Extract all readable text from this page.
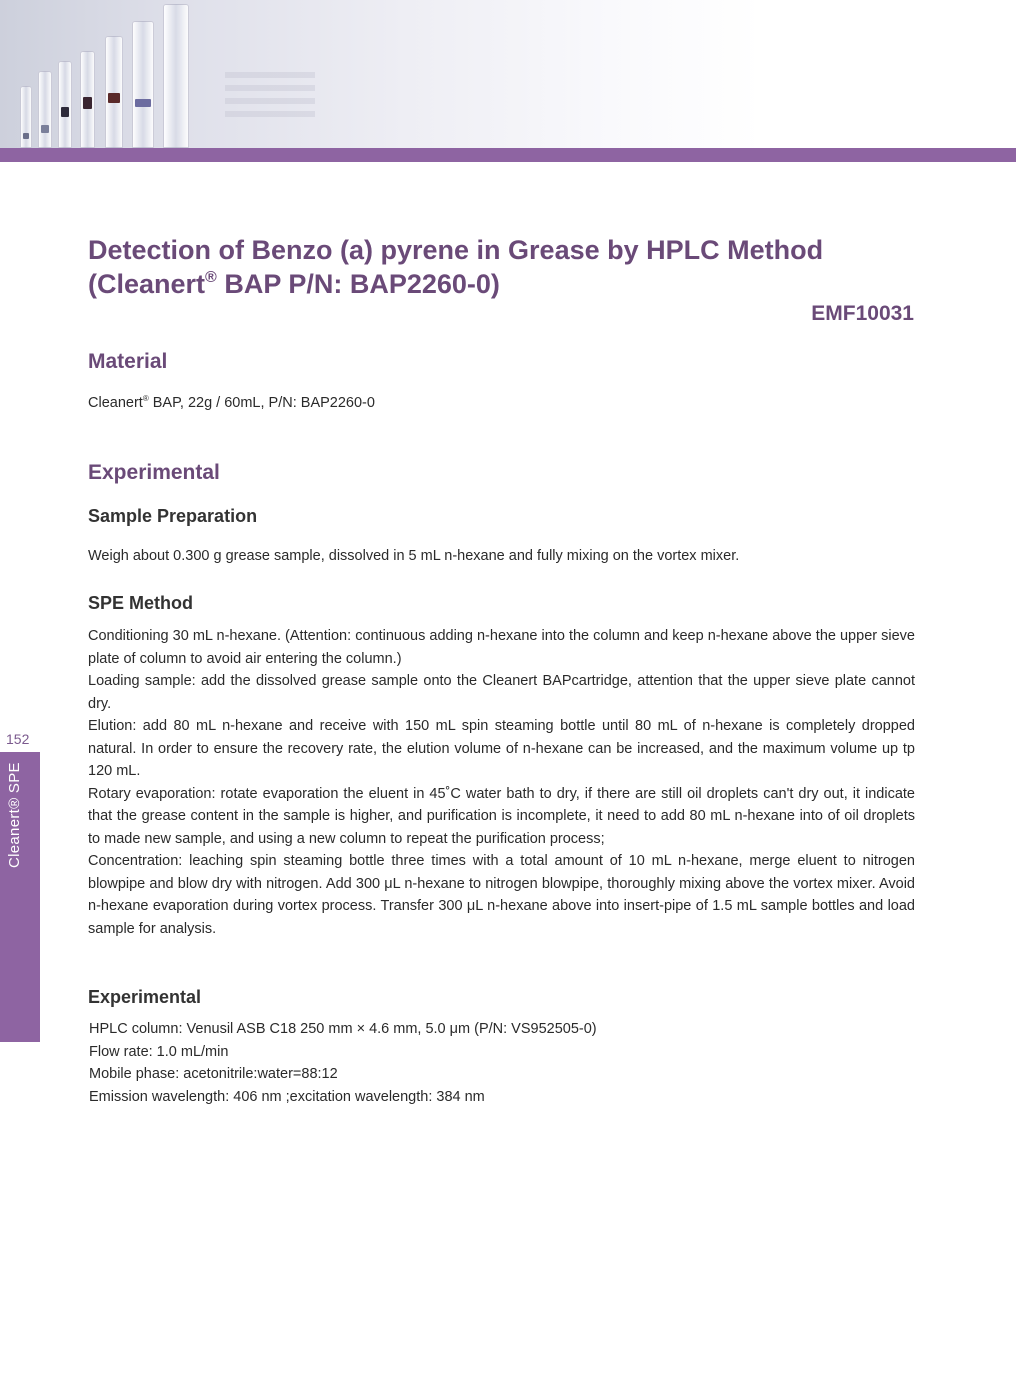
152
Cleanert® SPE
Detection of Benzo (a) pyrene in Grease by HPLC Method
(Cleanert® BAP P/N: BAP2260-0)
EMF10031
Material
Cleanert® BAP, 22g / 60mL, P/N: BAP2260-0
Experimental
Sample Preparation
Weigh about 0.300 g grease sample, dissolved in 5 mL n-hexane and fully mixing on the vortex mixer.
SPE Method

Conditioning 30 mL n-hexane. (Attention: continuous adding n-hexane into the column and keep n-hexane above the upper sieve plate of column to avoid air entering the column.)

Loading sample: add the dissolved grease sample onto the Cleanert BAPcartridge, attention that the upper sieve plate cannot dry.

Elution: add 80 mL n-hexane and receive with 150 mL spin steaming bottle until 80 mL of n-hexane is completely dropped natural. In order to ensure the recovery rate, the elution volume of n-hexane can be increased, and the maximum volume up tp 120 mL.

Rotary evaporation: rotate evaporation the eluent in 45˚C water bath to dry, if there are still oil droplets can't dry out, it indicate that the grease content in the sample is higher, and purification is incomplete, it need to add 80 mL n-hexane into of oil droplets to made new sample, and using a new column to repeat the purification process;

Concentration: leaching spin steaming bottle three times with a total amount of 10 mL n-hexane, merge eluent to nitrogen blowpipe and blow dry with nitrogen. Add 300 μL n-hexane to nitrogen blowpipe, thoroughly mixing above the vortex mixer. Avoid n-hexane evaporation during vortex process. Transfer 300 μL n-hexane above into insert-pipe of 1.5 mL sample bottles and load sample for analysis.

Experimental
HPLC column: Venusil ASB C18 250 mm × 4.6 mm, 5.0 μm (P/N: VS952505-0)
Flow rate: 1.0 mL/min
Mobile phase: acetonitrile:water=88:12
Emission wavelength: 406 nm ;excitation wavelength: 384 nm
